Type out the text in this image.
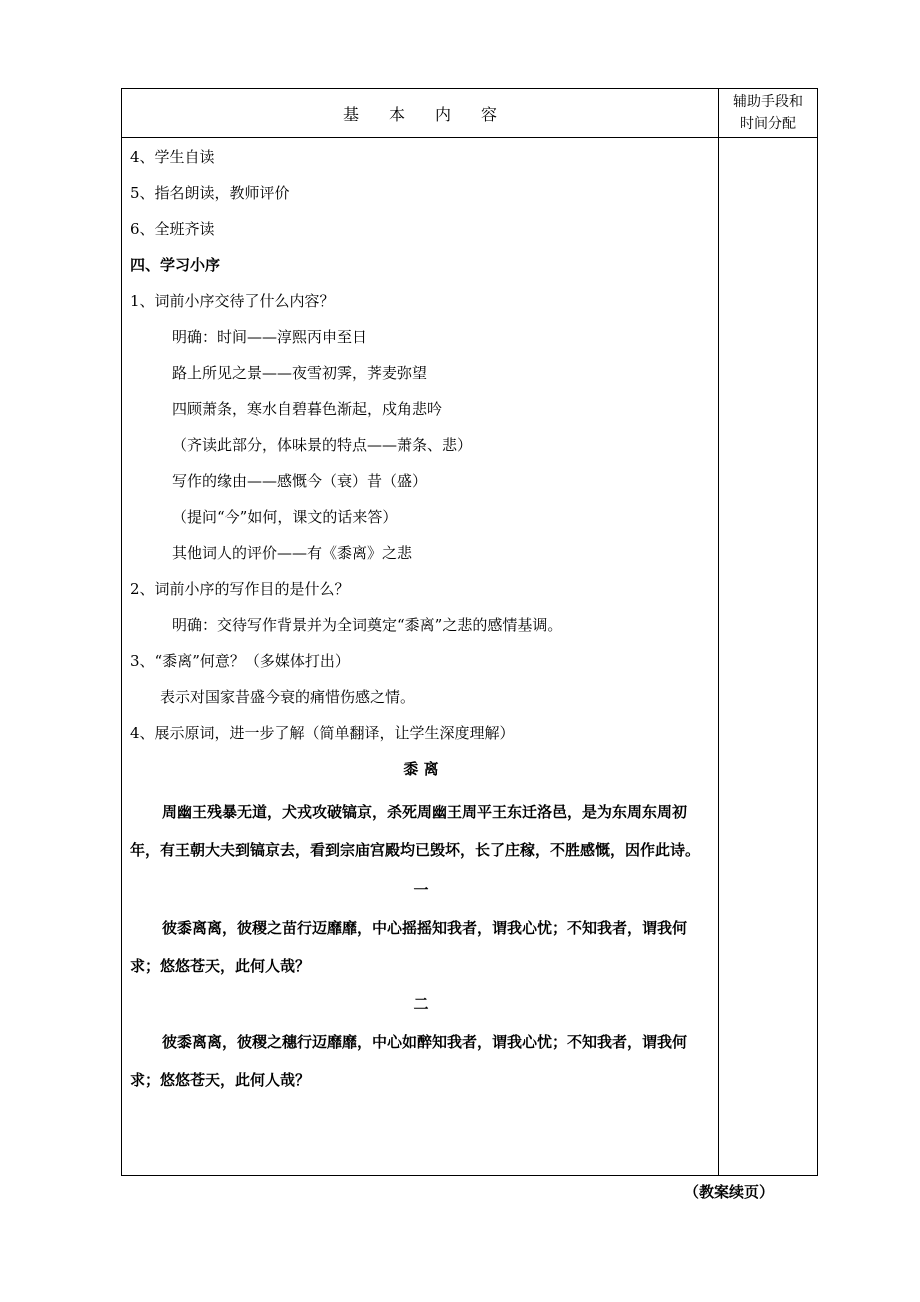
基本内容
辅助手段和
时间分配
4、学生自读
5、指名朗读，教师评价
6、全班齐读
四、学习小序
1、词前小序交待了什么内容？
明确：时间——淳熙丙申至日
路上所见之景——夜雪初霁，荠麦弥望
四顾萧条，寒水自碧暮色渐起，戍角悲吟
（齐读此部分，体味景的特点——萧条、悲）
写作的缘由——感慨今（衰）昔（盛）
（提问“今”如何，课文的话来答）
其他词人的评价——有《黍离》之悲
2、词前小序的写作目的是什么？
明确：交待写作背景并为全词奠定“黍离”之悲的感情基调。
3、“黍离”何意？（多媒体打出）
表示对国家昔盛今衰的痛惜伤感之情。
4、展示原词，进一步了解（简单翻译，让学生深度理解）
黍 离
周幽王残暴无道，犬戎攻破镐京，杀死周幽王周平王东迁洛邑，是为东周东周初年，有王朝大夫到镐京去，看到宗庙宫殿均已毁坏，长了庄稼，不胜感慨，因作此诗。
一
彼黍离离，彼稷之苗行迈靡靡，中心摇摇知我者，谓我心忧；不知我者，谓我何求；悠悠苍天，此何人哉？
二
彼黍离离，彼稷之穗行迈靡靡，中心如醉知我者，谓我心忧；不知我者，谓我何求；悠悠苍天，此何人哉？
（教案续页）
